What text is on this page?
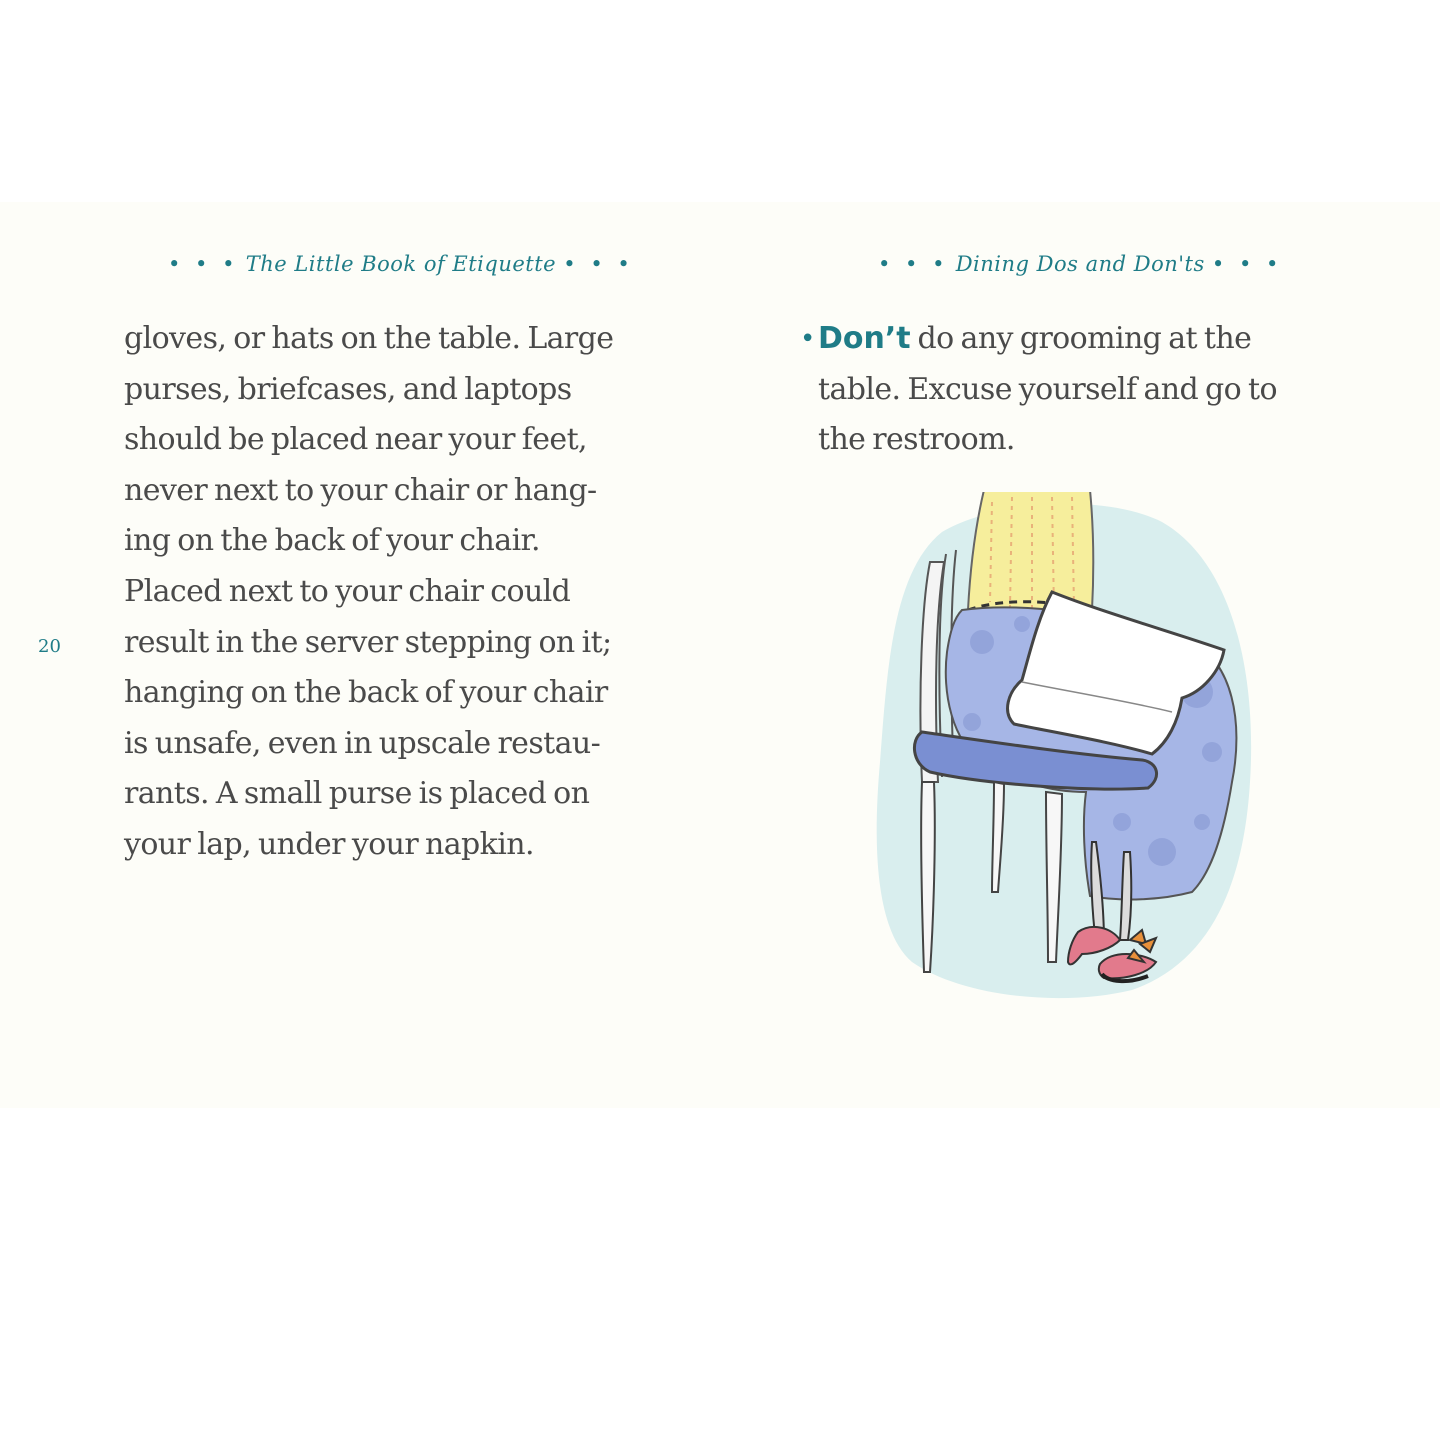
• • • The Little Book of Etiquette • • •
20
gloves, or hats on the table. Large
purses, briefcases, and laptops
should be placed near your feet,
never next to your chair or hang-
ing on the back of your chair.
Placed next to your chair could
result in the server stepping on it;
hanging on the back of your chair
is unsafe, even in upscale restau-
rants. A small purse is placed on
your lap, under your napkin.
• • • Dining Dos and Don'ts • • •
• Don’t do any grooming at the
table. Excuse yourself and go to
the restroom.
